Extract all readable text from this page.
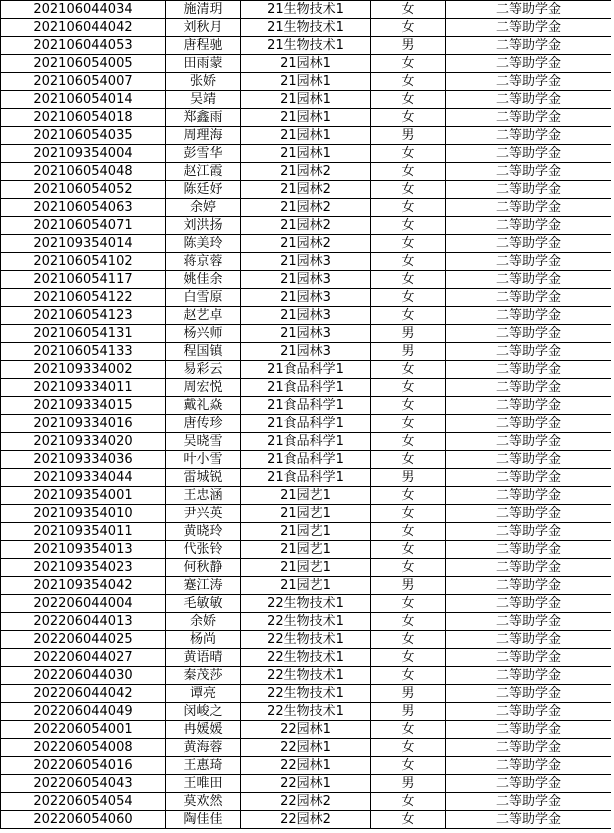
202106044034	施清玥	21生物技术1	女	二等助学金
202106044042	刘秋月	21生物技术1	女	二等助学金
202106044053	唐程驰	21生物技术1	男	二等助学金
202106054005	田雨蒙	21园林1	女	二等助学金
202106054007	张娇	21园林1	女	二等助学金
202106054014	吴靖	21园林1	女	二等助学金
202106054018	郑鑫雨	21园林1	女	二等助学金
202106054035	周理海	21园林1	男	二等助学金
202109354004	彭雪华	21园林1	女	二等助学金
202106054048	赵江霞	21园林2	女	二等助学金
202106054052	陈廷妤	21园林2	女	二等助学金
202106054063	余婷	21园林2	女	二等助学金
202106054071	刘洪扬	21园林2	女	二等助学金
202109354014	陈美玲	21园林2	女	二等助学金
202106054102	蒋京蓉	21园林3	女	二等助学金
202106054117	姚佳余	21园林3	女	二等助学金
202106054122	白雪原	21园林3	女	二等助学金
202106054123	赵艺卓	21园林3	女	二等助学金
202106054131	杨兴师	21园林3	男	二等助学金
202106054133	程国镇	21园林3	男	二等助学金
202109334002	易彩云	21食品科学1	女	二等助学金
202109334011	周宏悦	21食品科学1	女	二等助学金
202109334015	戴礼焱	21食品科学1	女	二等助学金
202109334016	唐传珍	21食品科学1	女	二等助学金
202109334020	吴晓雪	21食品科学1	女	二等助学金
202109334036	叶小雪	21食品科学1	女	二等助学金
202109334044	雷城锐	21食品科学1	男	二等助学金
202109354001	王忠涵	21园艺1	女	二等助学金
202109354010	尹兴英	21园艺1	女	二等助学金
202109354011	黄晓玲	21园艺1	女	二等助学金
202109354013	代张铃	21园艺1	女	二等助学金
202109354023	何秋静	21园艺1	女	二等助学金
202109354042	蹇江涛	21园艺1	男	二等助学金
202206044004	毛敏敏	22生物技术1	女	二等助学金
202206044013	余娇	22生物技术1	女	二等助学金
202206044025	杨尚	22生物技术1	女	二等助学金
202206044027	黄语晴	22生物技术1	女	二等助学金
202206044030	秦茂莎	22生物技术1	女	二等助学金
202206044042	谭亮	22生物技术1	男	二等助学金
202206044049	闵峻之	22生物技术1	男	二等助学金
202206054001	冉媛媛	22园林1	女	二等助学金
202206054008	黄海蓉	22园林1	女	二等助学金
202206054016	王惠琦	22园林1	女	二等助学金
202206054043	王唯田	22园林1	男	二等助学金
202206054054	莫欢然	22园林2	女	二等助学金
202206054060	陶佳佳	22园林2	女	二等助学金
